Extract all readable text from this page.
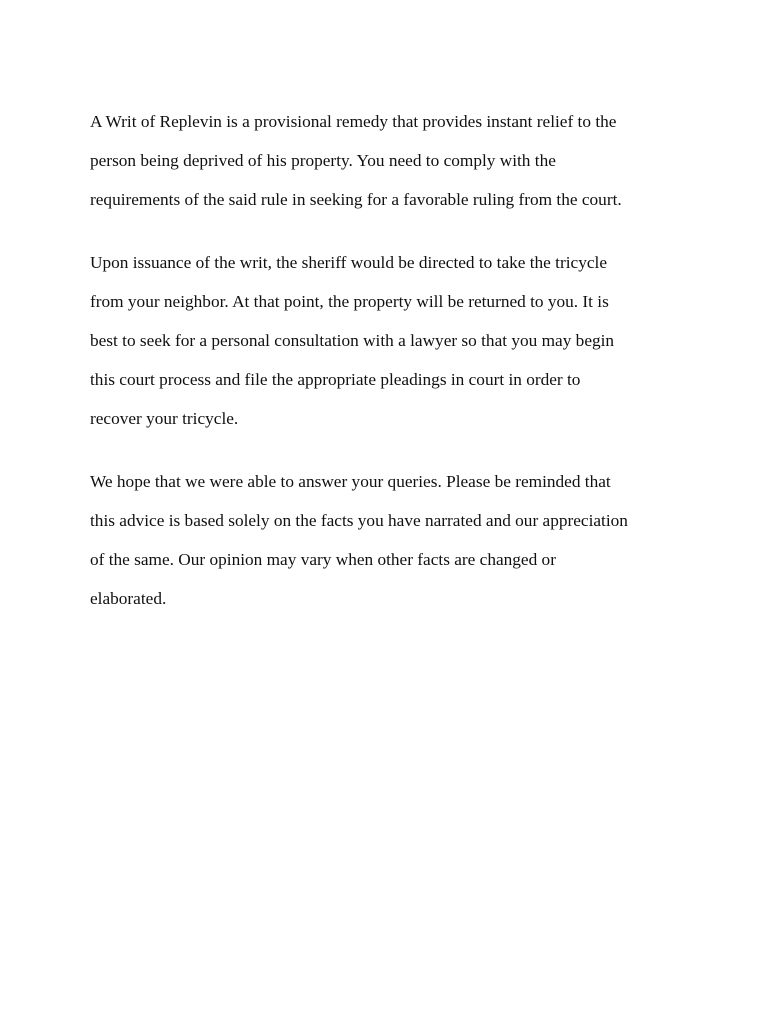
A Writ of Replevin is a provisional remedy that provides instant relief to the
person being deprived of his property. You need to comply with the
requirements of the said rule in seeking for a favorable ruling from the court.

Upon issuance of the writ, the sheriff would be directed to take the tricycle
from your neighbor. At that point, the property will be returned to you. It is
best to seek for a personal consultation with a lawyer so that you may begin
this court process and file the appropriate pleadings in court in order to
recover your tricycle.

We hope that we were able to answer your queries. Please be reminded that
this advice is based solely on the facts you have narrated and our appreciation
of the same. Our opinion may vary when other facts are changed or
elaborated.
